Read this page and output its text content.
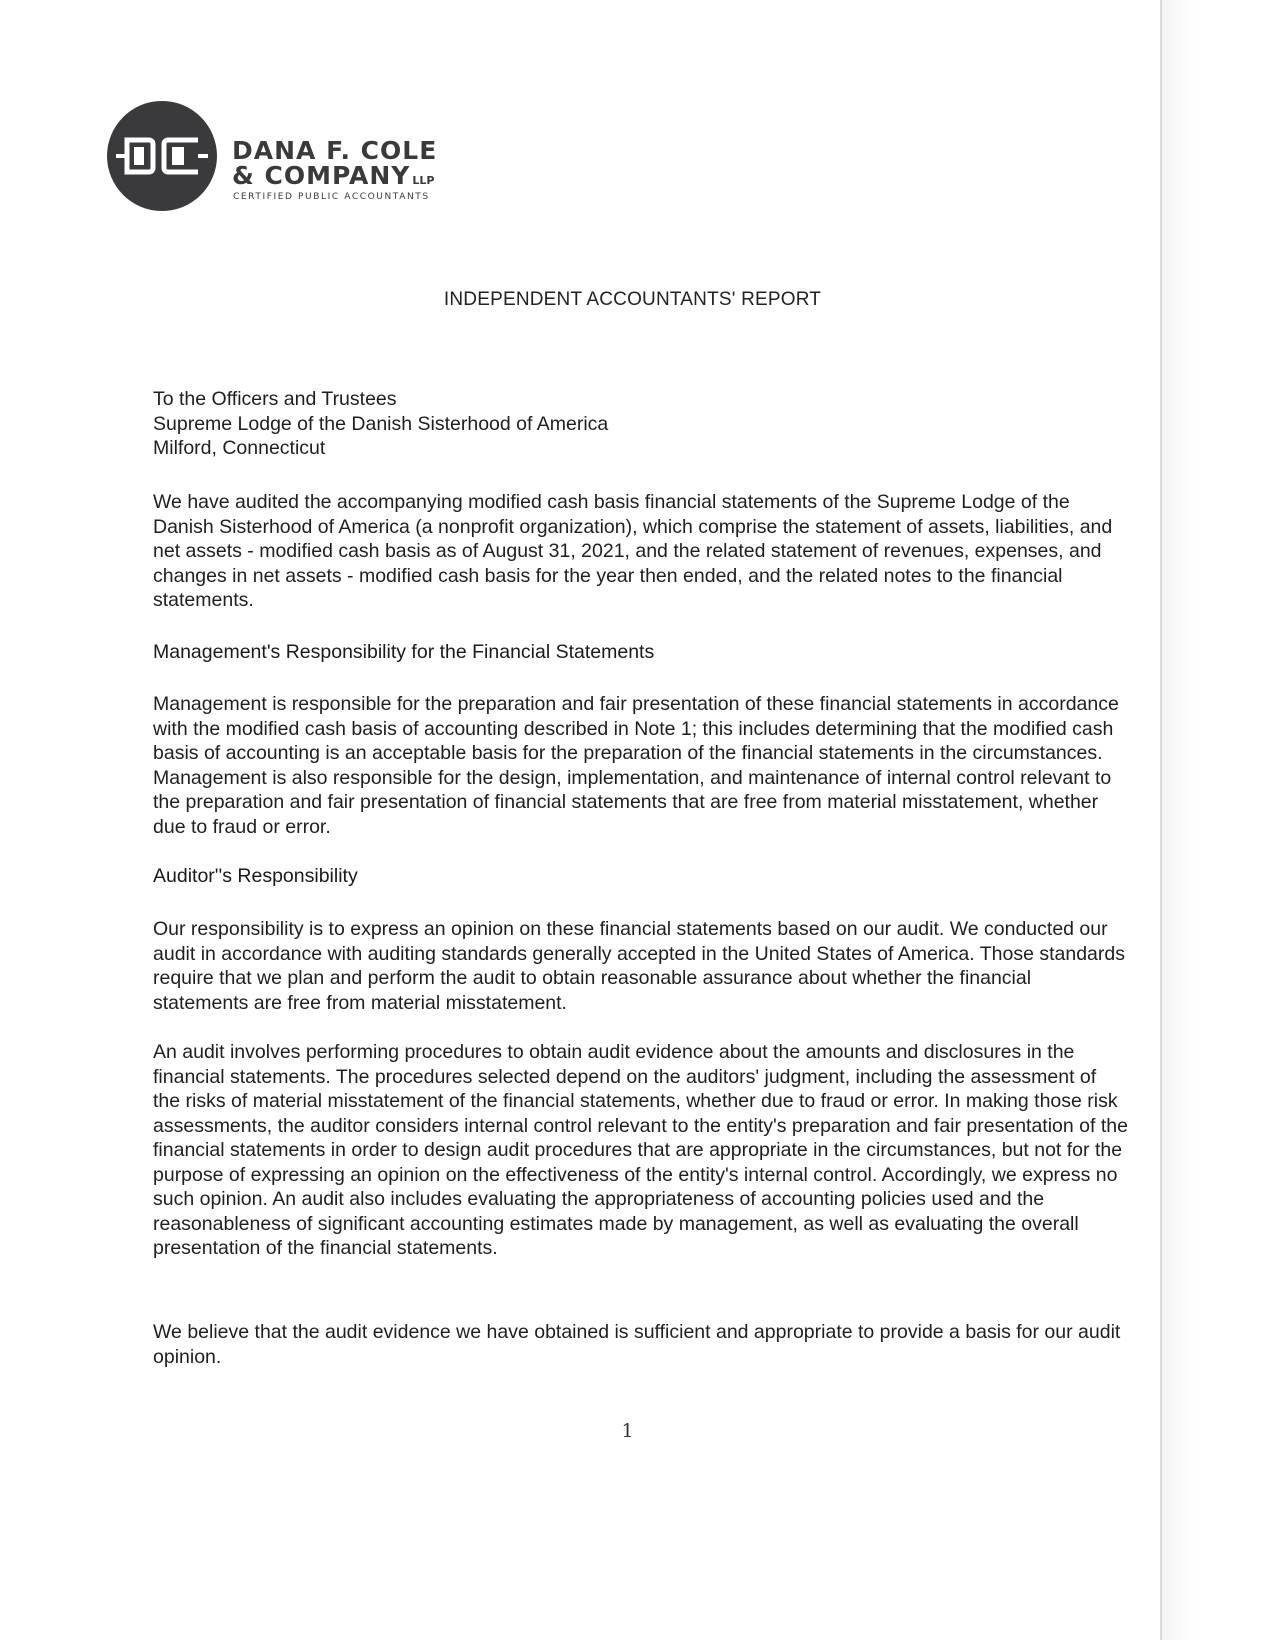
DANA F. COLE
& COMPANY LLP
CERTIFIED PUBLIC ACCOUNTANTS
INDEPENDENT ACCOUNTANTS' REPORT
To the Officers and Trustees
Supreme Lodge of the Danish Sisterhood of America
Milford, Connecticut

We have audited the accompanying modified cash basis financial statements of the Supreme Lodge of the Danish Sisterhood of America (a nonprofit organization), which comprise the statement of assets, liabilities, and net assets - modified cash basis as of August 31, 2021, and the related statement of revenues, expenses, and changes in net assets - modified cash basis for the year then ended, and the related notes to the financial statements.

Management's Responsibility for the Financial Statements

Management is responsible for the preparation and fair presentation of these financial statements in accordance with the modified cash basis of accounting described in Note 1; this includes determining that the modified cash basis of accounting is an acceptable basis for the preparation of the financial statements in the circumstances. Management is also responsible for the design, implementation, and maintenance of internal control relevant to the preparation and fair presentation of financial statements that are free from material misstatement, whether due to fraud or error.

Auditor''s Responsibility

Our responsibility is to express an opinion on these financial statements based on our audit. We conducted our audit in accordance with auditing standards generally accepted in the United States of America. Those standards require that we plan and perform the audit to obtain reasonable assurance about whether the financial statements are free from material misstatement.

An audit involves performing procedures to obtain audit evidence about the amounts and disclosures in the financial statements. The procedures selected depend on the auditors' judgment, including the assessment of the risks of material misstatement of the financial statements, whether due to fraud or error. In making those risk assessments, the auditor considers internal control relevant to the entity's preparation and fair presentation of the financial statements in order to design audit procedures that are appropriate in the circumstances, but not for the purpose of expressing an opinion on the effectiveness of the entity's internal control. Accordingly, we express no such opinion. An audit also includes evaluating the appropriateness of accounting policies used and the reasonableness of significant accounting estimates made by management, as well as evaluating the overall presentation of the financial statements.

We believe that the audit evidence we have obtained is sufficient and appropriate to provide a basis for our audit opinion.

1
